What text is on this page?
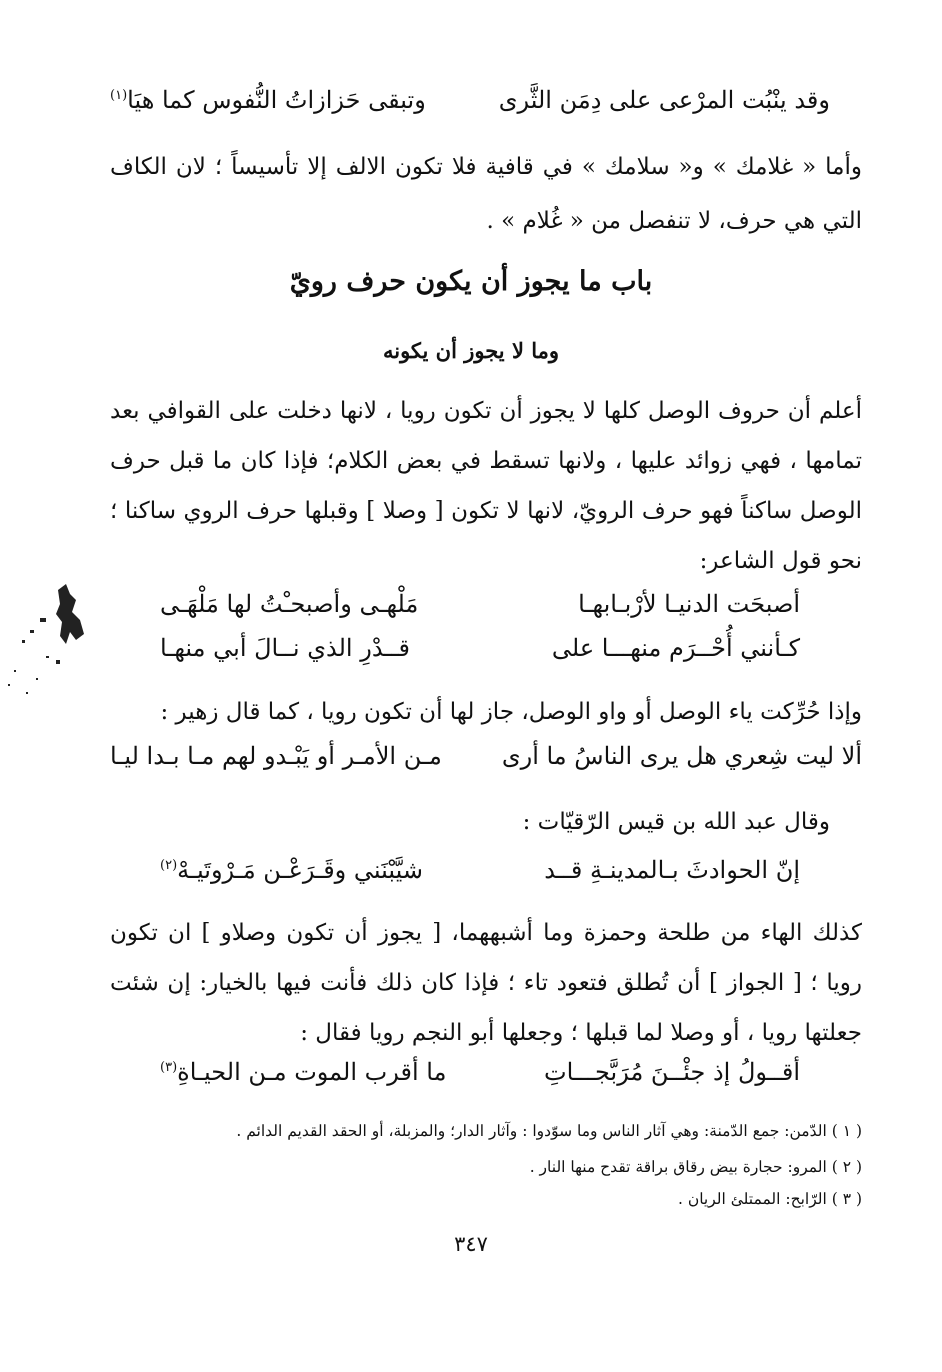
وقد ينْبُت المرْعى على دِمَن الثَّرى
وتبقى حَزازاتُ النُّفوس كما هيَا$^{(١)}$
وأما « غلامك » و« سلامك » في قافية فلا تكون الالف إلا تأسيساً ؛ لان الكاف التي هي حرف، لا تنفصل من « غُلام » .
باب ما يجوز أن يكون حرف رويّ
وما لا يجوز أن يكونه
أعلم أن حروف الوصل كلها لا يجوز أن تكون رويا ، لانها دخلت على القوافي بعد تمامها ، فهي زوائد عليها ، ولانها تسقط في بعض الكلام؛ فإذا كان ما قبل حرف الوصل ساكناً فهو حرف الرويّ، لانها لا تكون [ وصلا ] وقبلها حرف الروي ساكنا ؛ نحو قول الشاعر:
أصبحَت الدنيـا لأرْبـابهـا
مَلْهـى وأصبحـْتُ لها مَلْهَـى
كـأنني أُحْــرَم منهـــا على
قــدْرِ الذي نــالَ أبي منهـا
وإذا حُرِّكت ياء الوصل أو واو الوصل، جاز لها أن تكون رويا ، كما قال زهير :
ألا ليت شِعري هل يرى الناسُ ما أرى
مـن الأمـر أو يَبْـدو لهم مـا بـدا ليـا
وقال عبد الله بن قيس الرّقيّات :
إنّ الحوادثَ بـالمدينـةِ قــد
شيَّبْنَني وقَـرَعْـن مَـرْوتَيـهْ$^{(٢)}$
كذلك الهاء من طلحة وحمزة وما أشبههما، [ يجوز أن تكون وصلاو ] ان تكون رويا ؛ [ الجواز ] أن تُطلق فتعود تاء ؛ فإذا كان ذلك فأنت فيها بالخيار: إن شئت جعلتها رويا ، أو وصلا لما قبلها ؛ وجعلها أبو النجم رويا فقال :
أقــولُ إذ جئْــنَ مُرَبَّجـــاتِ
ما أقرب الموت مـن الحيـاةِ$^{(٣)}$
( ١ ) الدّمن: جمع الدّمنة: وهي آثار الناس وما سوّدوا : وآثار الدار؛ والمزبلة، أو الحقد القديم الدائم .
( ٢ ) المرو: حجارة بيض رقاق براقة تقدح منها النار .
( ٣ ) الرّابح: الممتلئ الريان .
٣٤٧
